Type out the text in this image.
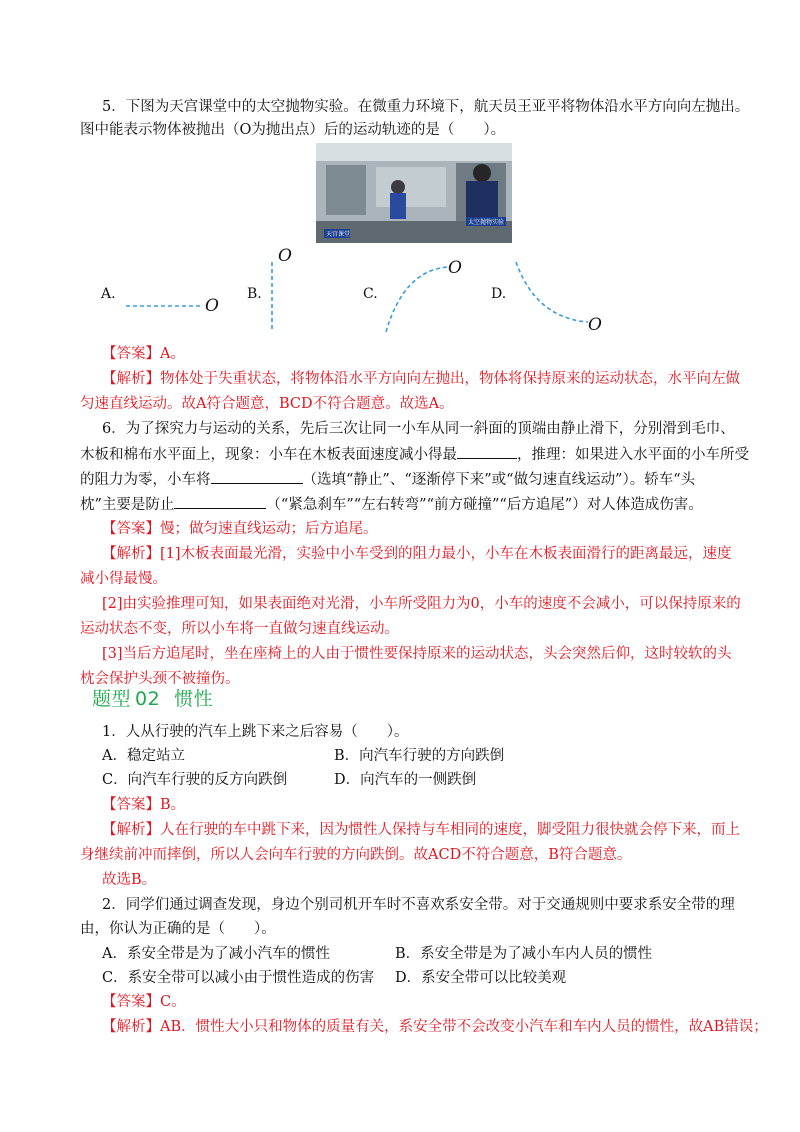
5．下图为天宫课堂中的太空抛物实验。在微重力环境下，航天员王亚平将物体沿水平方向向左抛出。
图中能表示物体被抛出（O为抛出点）后的运动轨迹的是（　　）。
天宫课堂
太空抛物实验
A.	B.	C.	D.
O
O
O
O
【答案】A。
【解析】物体处于失重状态，将物体沿水平方向向左抛出，物体将保持原来的运动状态，水平向左做
匀速直线运动。故A符合题意，BCD不符合题意。故选A。
6．为了探究力与运动的关系，先后三次让同一小车从同一斜面的顶端由静止滑下，分别滑到毛巾、
木板和棉布水平面上，现象：小车在木板表面速度减小得最	，推理：如果进入水平面的小车所受
的阻力为零，小车将	（选填“静止”、“逐渐停下来”或“做匀速直线运动”）。轿车“头
枕”主要是防止	（“紧急刹车”“左右转弯”“前方碰撞”“后方追尾”）对人体造成伤害。
【答案】慢；做匀速直线运动；后方追尾。
【解析】[1]木板表面最光滑，实验中小车受到的阻力最小，小车在木板表面滑行的距离最远，速度
减小得最慢。
[2]由实验推理可知，如果表面绝对光滑，小车所受阻力为0，小车的速度不会减小，可以保持原来的
运动状态不变，所以小车将一直做匀速直线运动。
[3]当后方追尾时，坐在座椅上的人由于惯性要保持原来的运动状态，头会突然后仰，这时较软的头
枕会保护头颈不被撞伤。
题型 02 惯性
1．人从行驶的汽车上跳下来之后容易（　　）。
A．稳定站立	B．向汽车行驶的方向跌倒
C．向汽车行驶的反方向跌倒	D．向汽车的一侧跌倒
【答案】B。
【解析】人在行驶的车中跳下来，因为惯性人保持与车相同的速度，脚受阻力很快就会停下来，而上
身继续前冲而摔倒，所以人会向车行驶的方向跌倒。故ACD不符合题意，B符合题意。
故选B。
2．同学们通过调查发现，身边个别司机开车时不喜欢系安全带。对于交通规则中要求系安全带的理
由，你认为正确的是（　　）。
A．系安全带是为了减小汽车的惯性	B．系安全带是为了减小车内人员的惯性
C．系安全带可以减小由于惯性造成的伤害 D．系安全带可以比较美观
【答案】C。
【解析】AB．惯性大小只和物体的质量有关，系安全带不会改变小汽车和车内人员的惯性，故AB错误；
